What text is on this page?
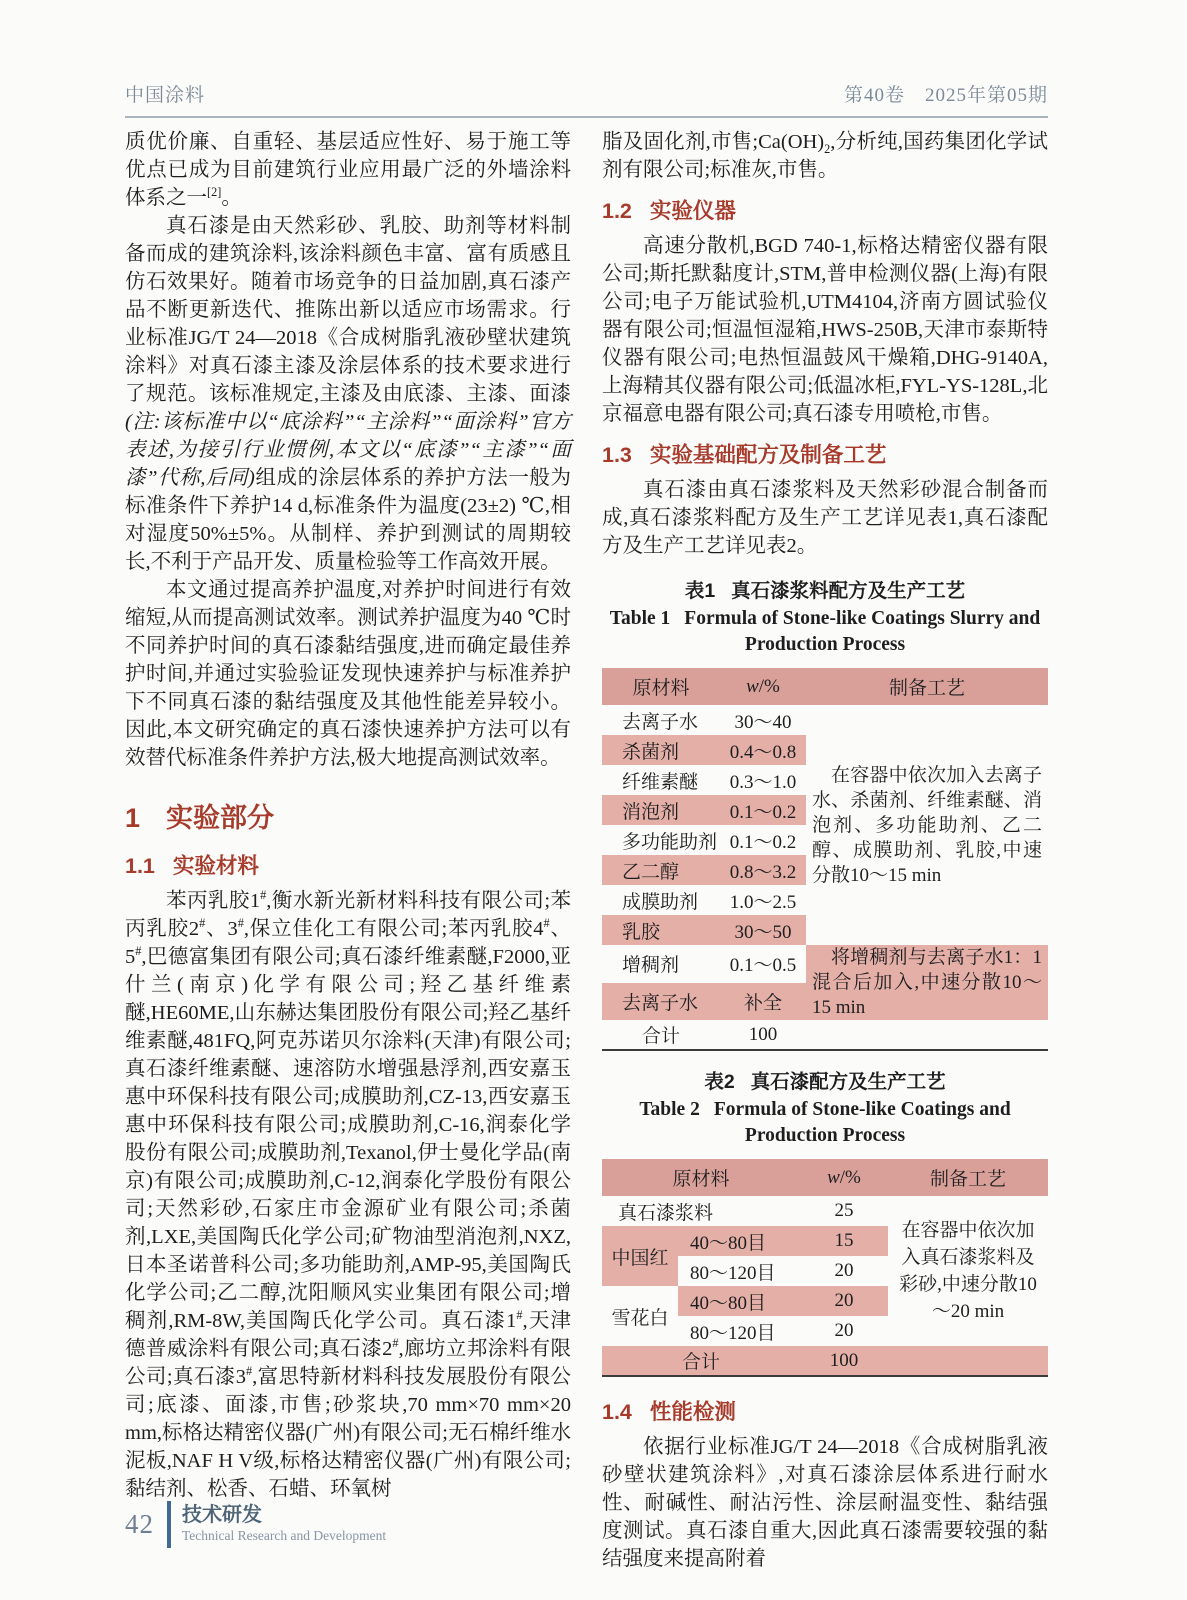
中国涂料	第40卷　2025年第05期

质优价廉、自重轻、基层适应性好、易于施工等优点已成为目前建筑行业应用最广泛的外墙涂料体系之一[2]。

真石漆是由天然彩砂、乳胶、助剂等材料制备而成的建筑涂料,该涂料颜色丰富、富有质感且仿石效果好。随着市场竞争的日益加剧,真石漆产品不断更新迭代、推陈出新以适应市场需求。行业标准JG/T 24—2018《合成树脂乳液砂壁状建筑涂料》对真石漆主漆及涂层体系的技术要求进行了规范。该标准规定,主漆及由底漆、主漆、面漆(注:该标准中以“底涂料”“主涂料”“面涂料”官方表述,为接引行业惯例,本文以“底漆”“主漆”“面漆”代称,后同)组成的涂层体系的养护方法一般为标准条件下养护14 d,标准条件为温度(23±2) ℃,相对湿度50%±5%。从制样、养护到测试的周期较长,不利于产品开发、质量检验等工作高效开展。

本文通过提高养护温度,对养护时间进行有效缩短,从而提高测试效率。测试养护温度为40 ℃时不同养护时间的真石漆黏结强度,进而确定最佳养护时间,并通过实验验证发现快速养护与标准养护下不同真石漆的黏结强度及其他性能差异较小。因此,本文研究确定的真石漆快速养护方法可以有效替代标准条件养护方法,极大地提高测试效率。

1 实验部分
1.1 实验材料

苯丙乳胶1#,衡水新光新材料科技有限公司;苯丙乳胶2#、3#,保立佳化工有限公司;苯丙乳胶4#、5#,巴德富集团有限公司;真石漆纤维素醚,F2000,亚什兰(南京)化学有限公司;羟乙基纤维素醚,HE60ME,山东赫达集团股份有限公司;羟乙基纤维素醚,481FQ,阿克苏诺贝尔涂料(天津)有限公司;真石漆纤维素醚、速溶防水增强悬浮剂,西安嘉玉惠中环保科技有限公司;成膜助剂,CZ-13,西安嘉玉惠中环保科技有限公司;成膜助剂,C-16,润泰化学股份有限公司;成膜助剂,Texanol,伊士曼化学品(南京)有限公司;成膜助剂,C-12,润泰化学股份有限公司;天然彩砂,石家庄市金源矿业有限公司;杀菌剂,LXE,美国陶氏化学公司;矿物油型消泡剂,NXZ,日本圣诺普科公司;多功能助剂,AMP-95,美国陶氏化学公司;乙二醇,沈阳顺风实业集团有限公司;增稠剂,RM-8W,美国陶氏化学公司。真石漆1#,天津德普威涂料有限公司;真石漆2#,廊坊立邦涂料有限公司;真石漆3#,富思特新材料科技发展股份有限公司;底漆、面漆,市售;砂浆块,70 mm×70 mm×20 mm,标格达精密仪器(广州)有限公司;无石棉纤维水泥板,NAF H V级,标格达精密仪器(广州)有限公司;黏结剂、松香、石蜡、环氧树

脂及固化剂,市售$;Ca(OH)_2$,分析纯,国药集团化学试剂有限公司;标准灰,市售。

1.2 实验仪器

高速分散机,BGD 740-1,标格达精密仪器有限公司;斯托默黏度计,STM,普申检测仪器(上海)有限公司;电子万能试验机,UTM4104,济南方圆试验仪器有限公司;恒温恒湿箱,HWS-250B,天津市泰斯特仪器有限公司;电热恒温鼓风干燥箱,DHG-9140A,上海精其仪器有限公司;低温冰柜,FYL-YS-128L,北京福意电器有限公司;真石漆专用喷枪,市售。

1.3 实验基础配方及制备工艺

真石漆由真石漆浆料及天然彩砂混合制备而成,真石漆浆料配方及生产工艺详见表1,真石漆配方及生产工艺详见表2。

表1 真石漆浆料配方及生产工艺
Table 1 Formula of Stone-like Coatings Slurry and Production Process
原材料	w/%	制备工艺
去离子水	30～40	在容器中依次加入去离子水、杀菌剂、纤维素醚、消泡剂、多功能助剂、乙二醇、成膜助剂、乳胶,中速分散10～15 min

杀菌剂	0.4～0.8	
纤维素醚	0.3～1.0	
消泡剂	0.1～0.2	
多功能助剂	0.1～0.2	
乙二醇	0.8～3.2	
成膜助剂	1.0～2.5	
乳胶	30～50	
增稠剂	0.1～0.5	将增稠剂与去离子水1：1混合后加入,中速分散10～15 min

去离子水	补全	
合计	100	
表2 真石漆配方及生产工艺
Table 2 Formula of Stone-like Coatings and Production Process
原材料		w/%	制备工艺
真石漆浆料		25	在容器中依次加入真石漆浆料及彩砂,中速分散10～20 min

中国红	40～80目	15	
	80～120目	20	
雪花白	40～80目	20	
	80～120目	20	
合计		100	
1.4 性能检测

依据行业标准JG/T 24—2018《合成树脂乳液砂壁状建筑涂料》,对真石漆涂层体系进行耐水性、耐碱性、耐沾污性、涂层耐温变性、黏结强度测试。真石漆自重大,因此真石漆需要较强的黏结强度来提高附着

42 技术研发
Technical Research and Development
